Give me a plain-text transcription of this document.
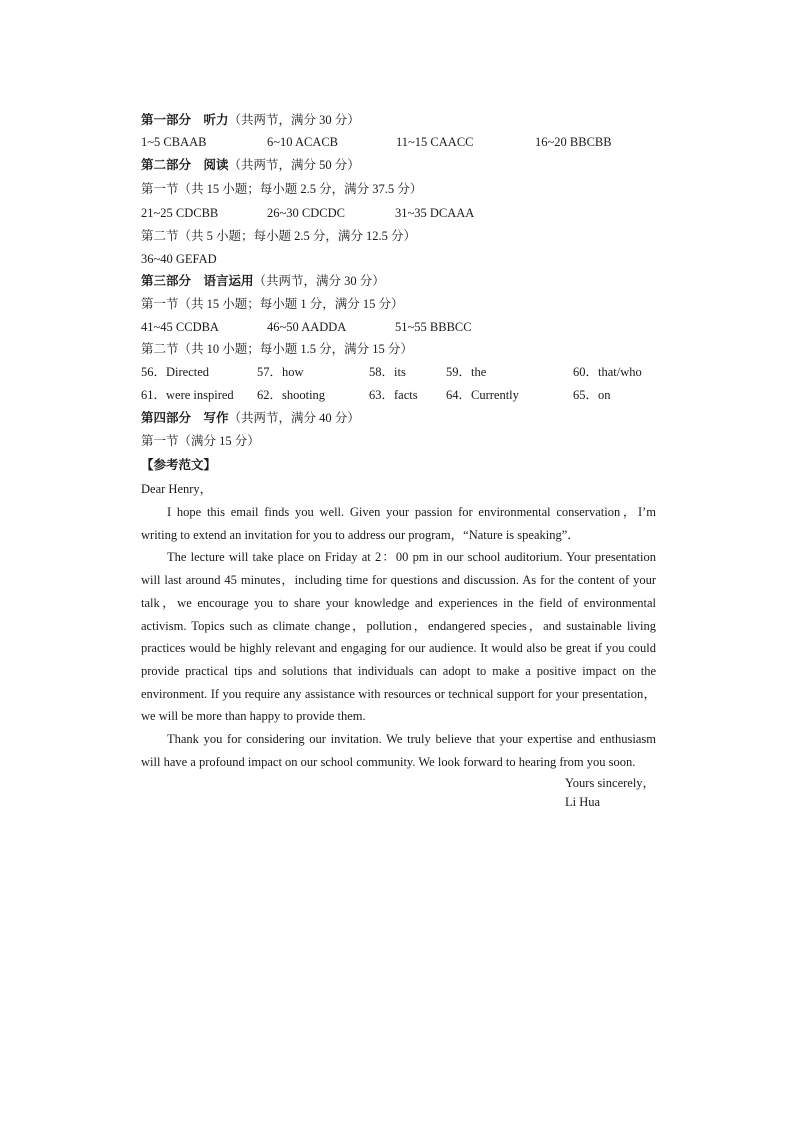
第一部分　听力（共两节，满分 30 分）
1~5 CBAAB	6~10 ACACB	11~15 CAACC	16~20 BBCBB
第二部分　阅读（共两节，满分 50 分）
第一节（共 15 小题；每小题 2.5 分，满分 37.5 分）
21~25 CDCBB	26~30 CDCDC	31~35 DCAAA
第二节（共 5 小题；每小题 2.5 分，满分 12.5 分）
36~40 GEFAD
第三部分　语言运用（共两节，满分 30 分）
第一节（共 15 小题；每小题 1 分，满分 15 分）
41~45 CCDBA	46~50 AADDA	51~55 BBBCC
第二节（共 10 小题；每小题 1.5 分，满分 15 分）
56．Directed	57．how	58．its	59．the	60．that/who
61．were inspired 62．shooting	63．facts 64．Currently	65．on
第四部分　写作（共两节，满分 40 分）
第一节（满分 15 分）
【参考范文】
Dear Henry，

I hope this email finds you well. Given your passion for environmental conservation，I’m writing to extend an invitation for you to address our program，“Nature is speaking”．

The lecture will take place on Friday at 2：00 pm in our school auditorium. Your presentation will last around 45 minutes，including time for questions and discussion. As for the content of your talk，we encourage you to share your knowledge and experiences in the field of environmental activism. Topics such as climate change，pollution，endangered species，and sustainable living practices would be highly relevant and engaging for our audience. It would also be great if you could provide practical tips and solutions that individuals can adopt to make a positive impact on the environment. If you require any assistance with resources or technical support for your presentation，we will be more than happy to provide them.

Thank you for considering our invitation. We truly believe that your expertise and enthusiasm will have a profound impact on our school community. We look forward to hearing from you soon.

Yours sincerely，
Li Hua
